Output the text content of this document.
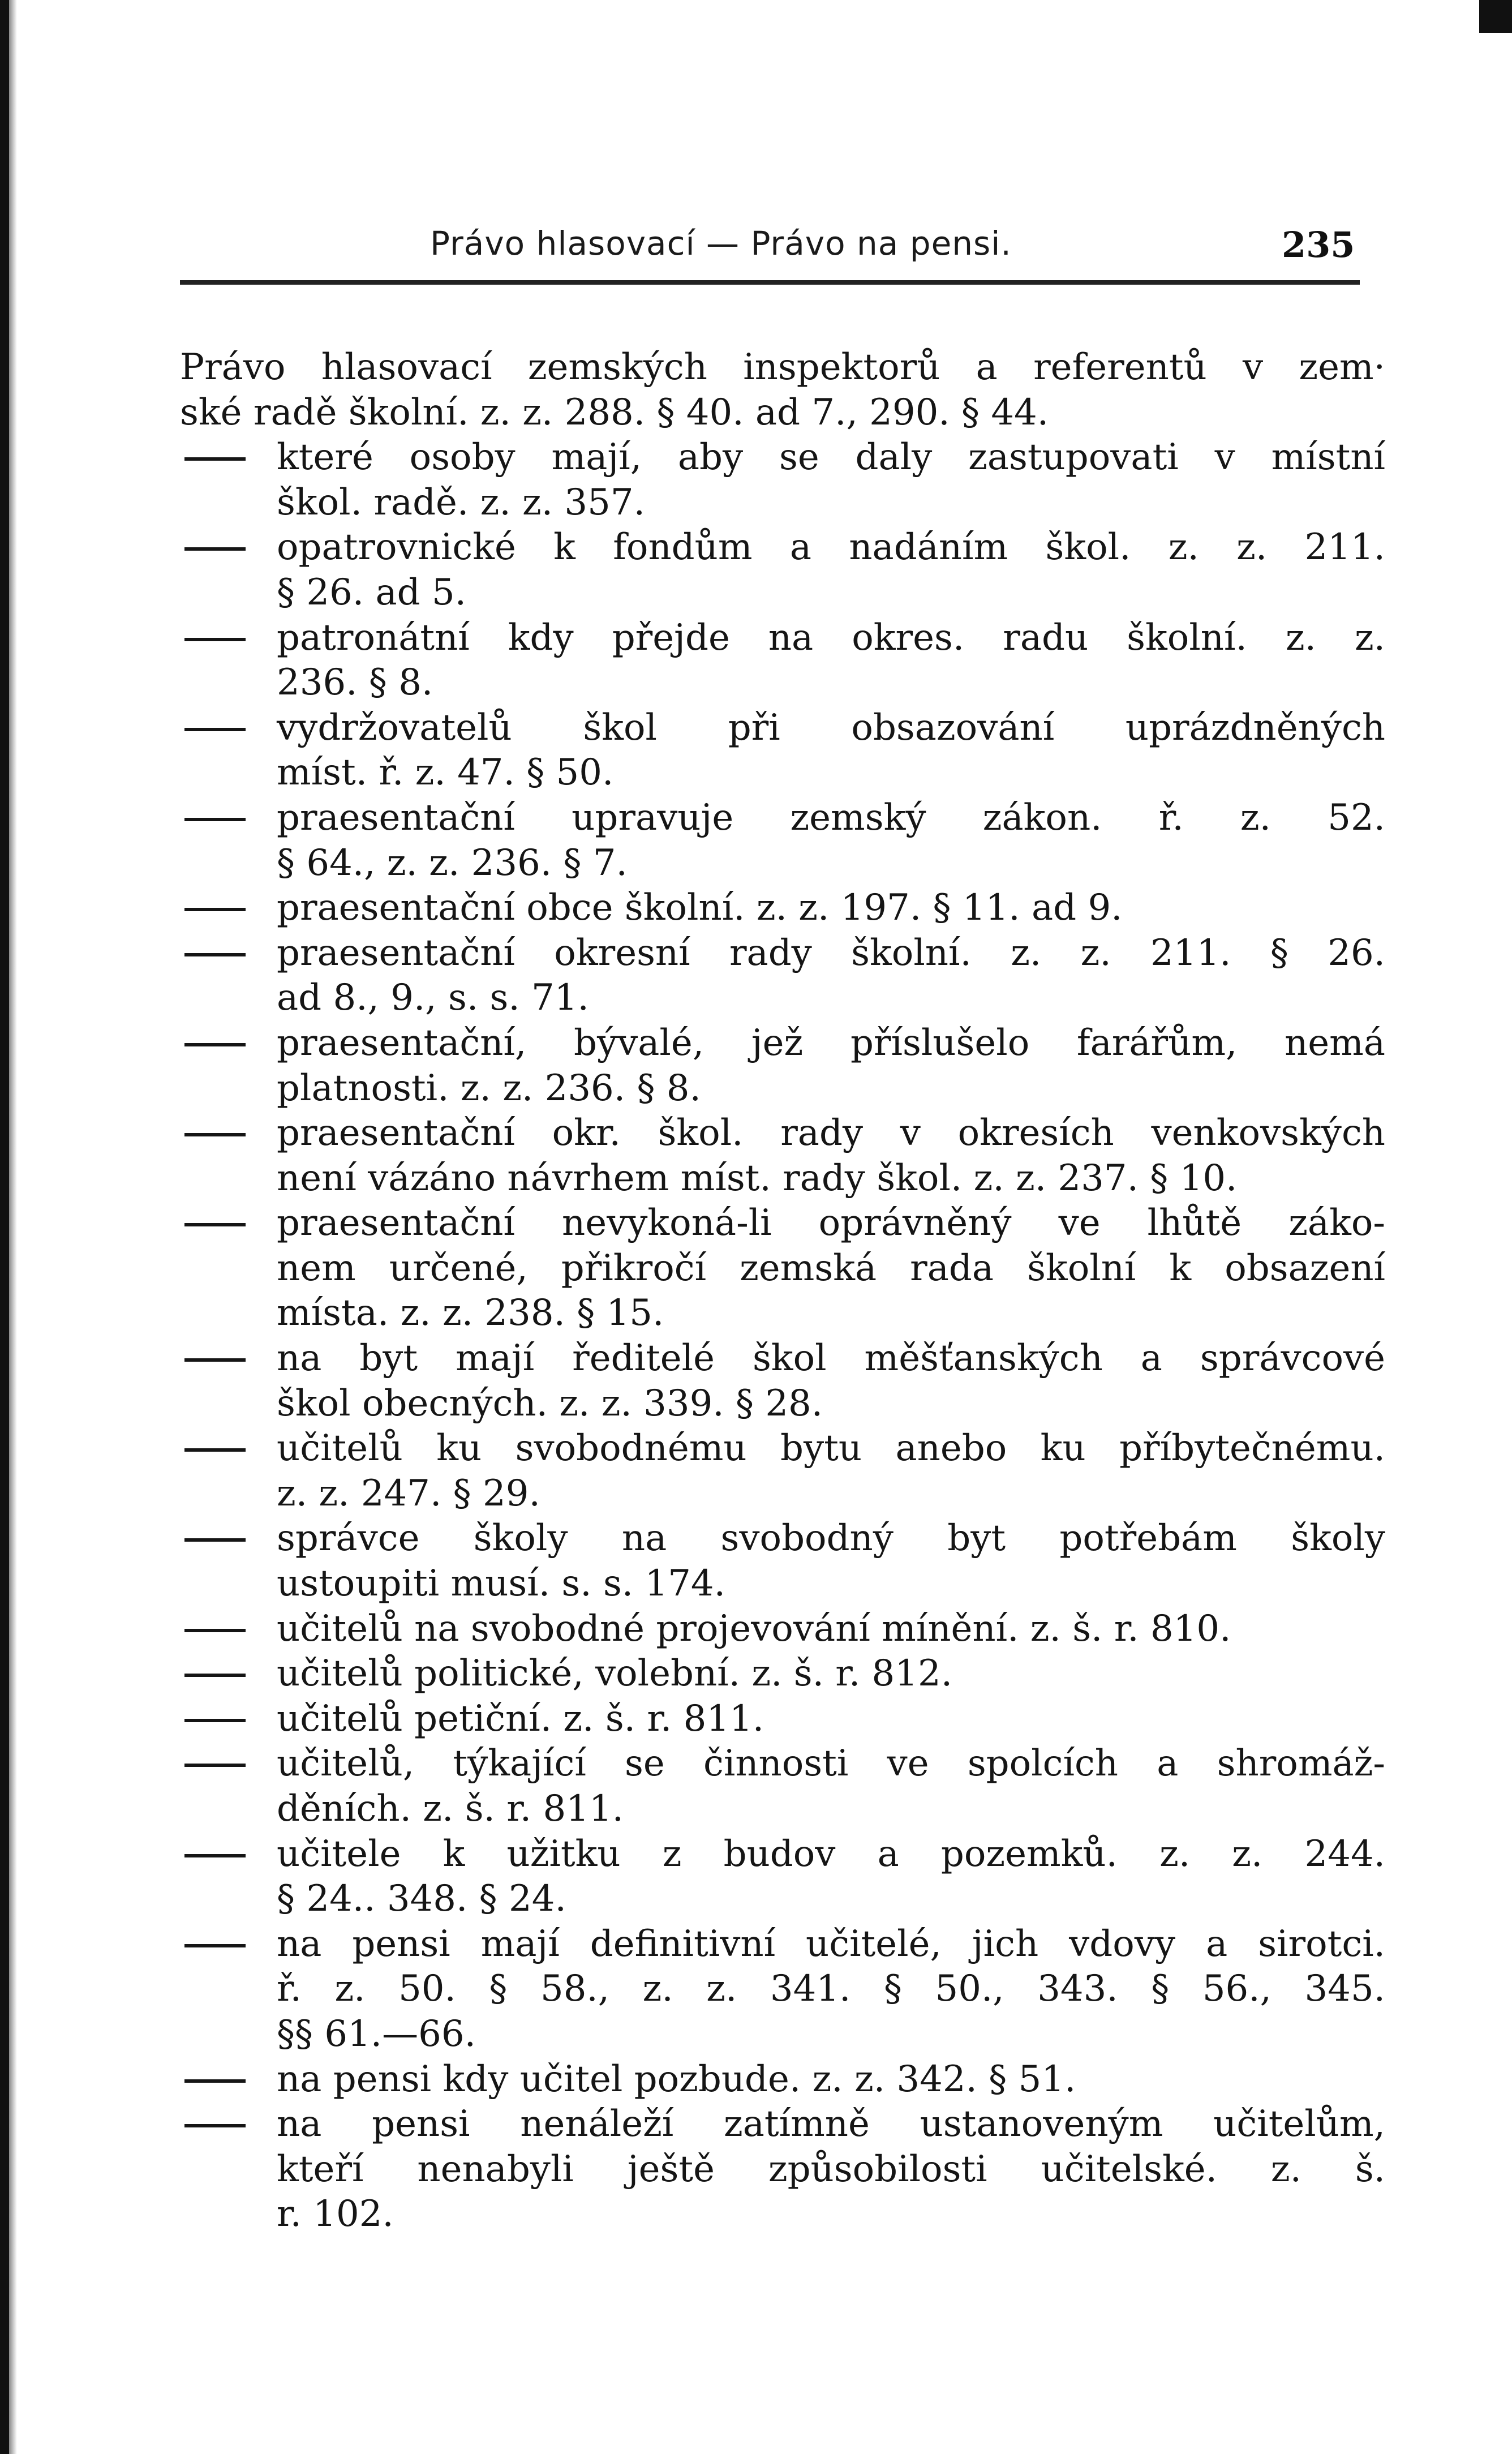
Právo hlasovací — Právo na pensi.	235
Právo hlasovací zemských inspektorů a referentů v zem·
ské radě školní. z. z. 288. § 40. ad 7., 290. § 44.
které osoby mají, aby se daly zastupovati v místní
škol. radě. z. z. 357.
opatrovnické k fondům a nadáním škol. z. z. 211.
§ 26. ad 5.
patronátní kdy přejde na okres. radu školní. z. z.
236. § 8.
vydržovatelů škol při obsazování uprázdněných
míst. ř. z. 47. § 50.
praesentační upravuje zemský zákon. ř. z. 52.
§ 64., z. z. 236. § 7.
praesentační obce školní. z. z. 197. § 11. ad 9.
praesentační okresní rady školní. z. z. 211. § 26.
ad 8., 9., s. s. 71.
praesentační, bývalé, jež příslušelo farářům, nemá
platnosti. z. z. 236. § 8.
praesentační okr. škol. rady v okresích venkovských
není vázáno návrhem míst. rady škol. z. z. 237. § 10.
praesentační nevykoná-li oprávněný ve lhůtě záko-
nem určené, přikročí zemská rada školní k obsazení
místa. z. z. 238. § 15.
na byt mají ředitelé škol měšťanských a správcové
škol obecných. z. z. 339. § 28.
učitelů ku svobodnému bytu anebo ku příbytečnému.
z. z. 247. § 29.
správce školy na svobodný byt potřebám školy
ustoupiti musí. s. s. 174.
učitelů na svobodné projevování mínění. z. š. r. 810.
učitelů politické, volební. z. š. r. 812.
učitelů petiční. z. š. r. 811.
učitelů, týkající se činnosti ve spolcích a shromáž-
děních. z. š. r. 811.
učitele k užitku z budov a pozemků. z. z. 244.
§ 24.. 348. § 24.
na pensi mají definitivní učitelé, jich vdovy a sirotci.
ř. z. 50. § 58., z. z. 341. § 50., 343. § 56., 345.
§§ 61.—66.
na pensi kdy učitel pozbude. z. z. 342. § 51.
na pensi nenáleží zatímně ustanoveným učitelům,
kteří nenabyli ještě způsobilosti učitelské. z. š.
r. 102.
